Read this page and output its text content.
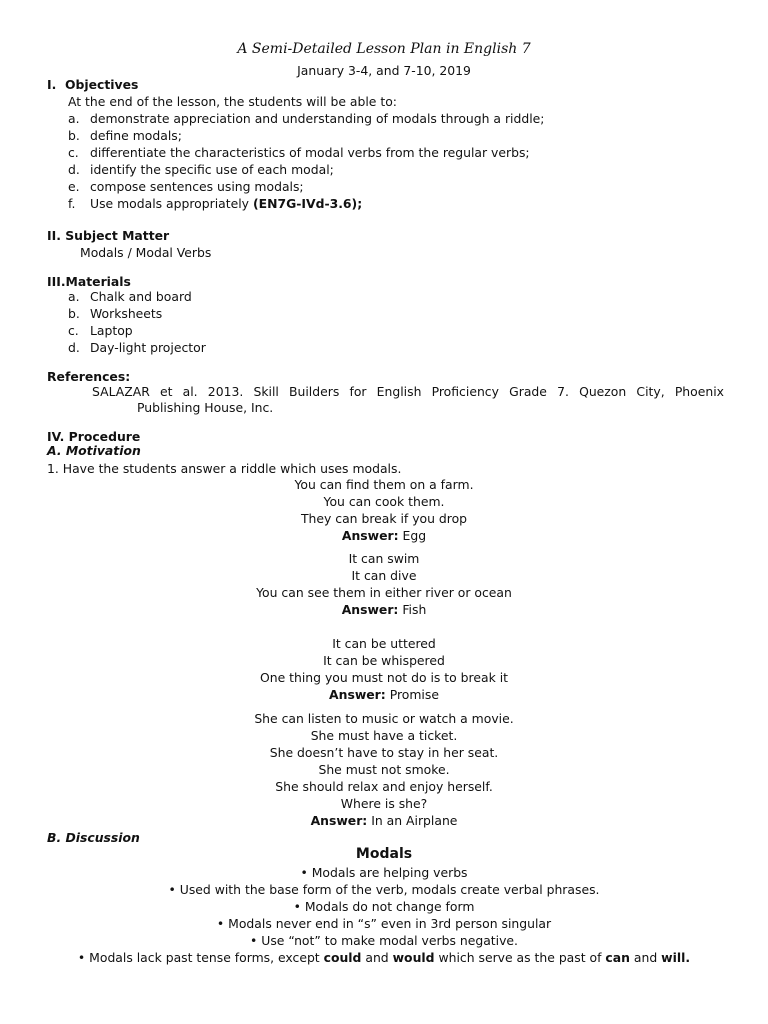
A Semi-Detailed Lesson Plan in English 7
January 3-4, and 7-10, 2019
I. Objectives
At the end of the lesson, the students will be able to:
a. demonstrate appreciation and understanding of modals through a riddle;
b. define modals;
c. differentiate the characteristics of modal verbs from the regular verbs;
d. identify the specific use of each modal;
e. compose sentences using modals;
f. Use modals appropriately (EN7G-IVd-3.6);
II. Subject Matter
Modals / Modal Verbs
III.Materials
a. Chalk and board
b. Worksheets
c. Laptop
d. Day-light projector
References:
SALAZAR et al. 2013. Skill Builders for English Proficiency Grade 7. Quezon City, Phoenix
Publishing House, Inc.
IV. Procedure
A. Motivation
1. Have the students answer a riddle which uses modals.
You can find them on a farm.
You can cook them.
They can break if you drop
Answer: Egg
It can swim
It can dive
You can see them in either river or ocean
Answer: Fish
It can be uttered
It can be whispered
One thing you must not do is to break it
Answer: Promise
She can listen to music or watch a movie.
She must have a ticket.
She doesn’t have to stay in her seat.
She must not smoke.
She should relax and enjoy herself.
Where is she?
Answer: In an Airplane
B. Discussion
Modals
• Modals are helping verbs
• Used with the base form of the verb, modals create verbal phrases.
• Modals do not change form
• Modals never end in “s” even in 3rd person singular
• Use “not” to make modal verbs negative.
• Modals lack past tense forms, except could and would which serve as the past of can and will.
